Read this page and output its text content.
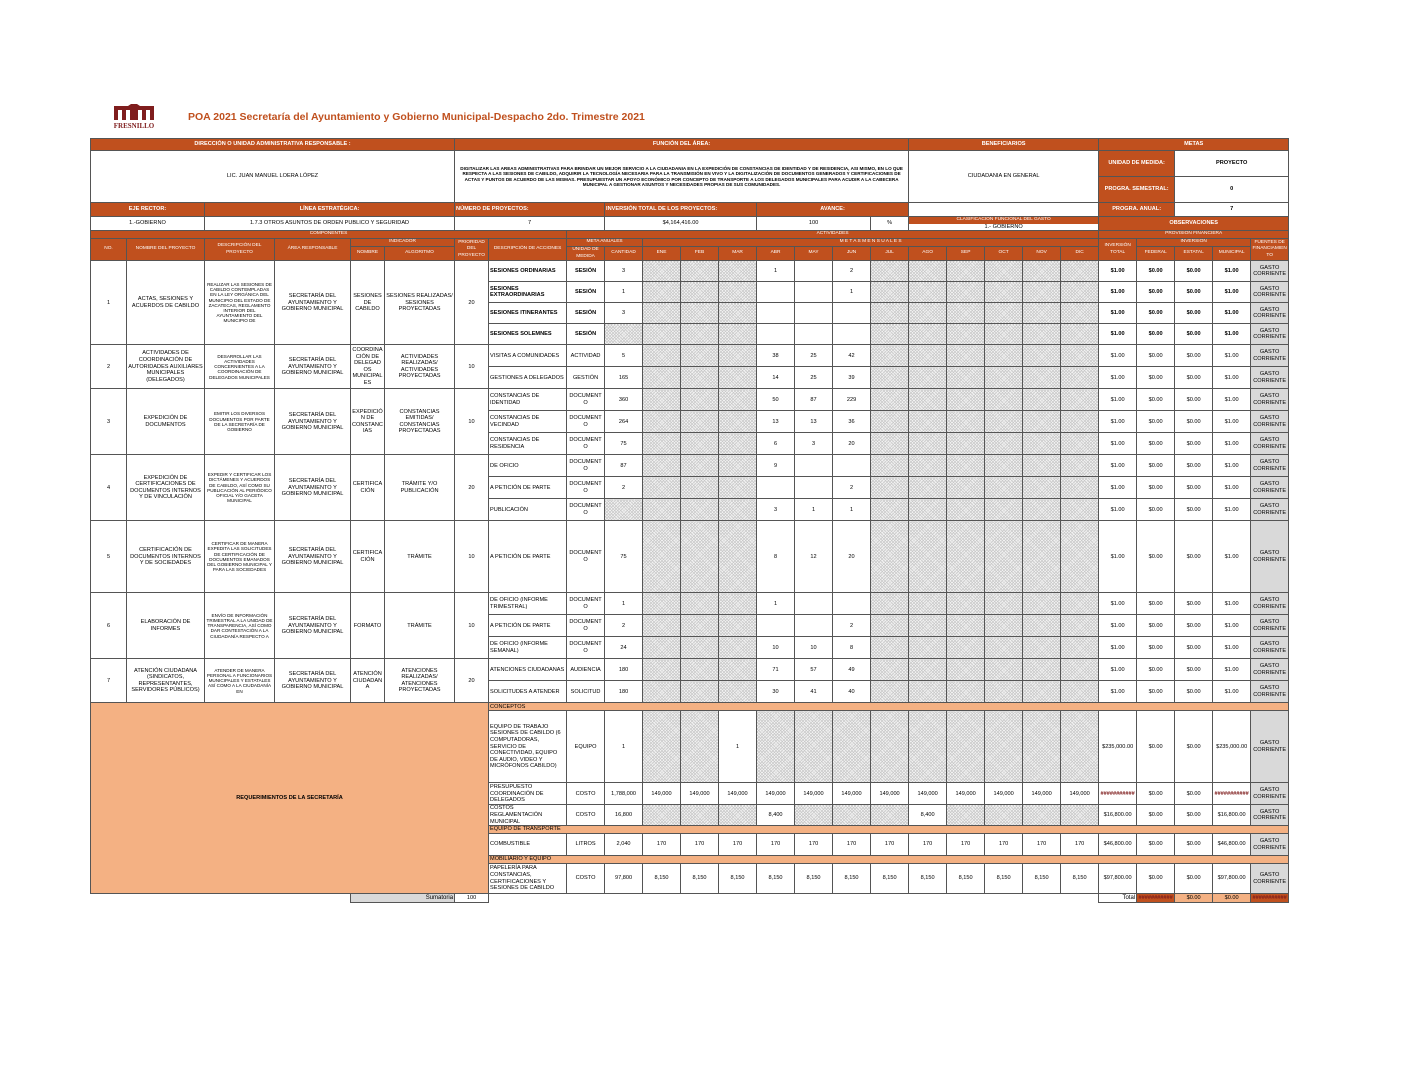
FRESNILLO
POA 2021 Secretaría del Ayuntamiento y Gobierno Municipal-Despacho 2do. Trimestre 2021
DIRECCIÓN O UNIDAD ADMINISTRATIVA RESPONSABLE :						FUNCIÓN DEL ÁREA:											BENEFICIARIOS					METAS					
LIC. JUAN MANUEL LOERA LÓPEZ						DIGITALIZAR LAS AREAS ADMINISTRATIVAS PARA BRINDAR UN MEJOR SERVICIO A LA CIUDADANIA EN LA EXPEDICIÓN DE CONSTANCIAS DE IDENTIDAD Y DE RESIDENCIA, ASI MISMO, EN LO QUE RESPECTA A LAS SESIONES DE CABILDO, ADQUIRIR LA TECNOLOGÍA NECESARIA PARA LA TRANSMISIÓN EN VIVO Y LA DIGITALIZACIÓN DE DOCUMENTOS GENERADOS Y CERTIFICACIONES DE ACTAS Y PUNTOS DE ACUERDO DE LAS MISMAS. PRESUPUESTAR UN APOYO ECONÓMICO POR CONCEPTO DE TRANSPORTE A LOS DELEGADOS MUNICIPALES PARA ACUDIR A LA CABECERA MUNICIPAL A GESTIONAR ASUNTOS Y NECESIDADES PROPIAS DE SUS COMUNIDADES.											CIUDADANIA EN GENERAL					UNIDAD DE MEDIDA:		PROYECTO			
																						PROGRA. SEMESTRAL:		0			
EJE RECTOR:		LÍNEA ESTRATÉGICA:				NÚMERO DE PROYECTOS:			INVERSIÓN TOTAL DE LOS PROYECTOS:				AVANCE:									PROGRA. ANUAL:		7			
1.-GOBIERNO		1.7.3 OTROS ASUNTOS DE ORDEN PUBLICO Y SEGURIDAD				7			$4,164,416.00				100			%	CLASIFICACIÓN FUNCIONAL DEL GASTO
1.- GOBIERNO					OBSERVACIONES					
COMPONENTES								ACTIVIDADES														PROVISIÓN FINANCIERA					
NO.	NOMBRE DEL PROYECTO	DESCRIPCIÓN DEL PROYECTO	ÁREA RESPONSABLE	INDICADOR		PRIORIDAD DEL PROYECTO	DESCRIPCIÓN DE ACCIONES	META ANUALES		M E T A S M E N S U A L E S												INVERSIÓN TOTAL	INVERSIÓN			FUENTES DE FINANCIAMIENTO	
				NOMBRE	ALGORITMO			UNIDAD DE MEDIDA	CANTIDAD	ENE	FEB	MAR	ABR	MAY	JUN	JUL	AGO	SEP	OCT	NOV	DIC		FEDERAL	ESTATAL	MUNICIPAL		
1	ACTAS, SESIONES Y ACUERDOS DE CABILDO	REALIZAR LAS SESIONES DE CABILDO CONTEMPLADAS EN LA LEY ORGÁNICA DEL MUNICIPIO DEL ESTADO DE ZACATECAS, REGLAMENTO INTERIOR DEL AYUNTAMIENTO DEL MUNICIPIO DE	SECRETARÍA DEL AYUNTAMIENTO Y GOBIERNO MUNICIPAL	SESIONES DE CABILDO	SESIONES REALIZADAS/ SESIONES PROYECTADAS	20	SESIONES ORDINARIAS	SESIÓN	3				1		2							$1.00	$0.00	$0.00	$1.00	GASTO CORRIENTE	
							SESIONES EXTRAORDINARIAS	SESIÓN	1						1							$1.00	$0.00	$0.00	$1.00	GASTO CORRIENTE	
							SESIONES ITINERANTES	SESIÓN	3													$1.00	$0.00	$0.00	$1.00	GASTO CORRIENTE	
							SESIONES SOLEMNES	SESIÓN														$1.00	$0.00	$0.00	$1.00	GASTO CORRIENTE	
2	ACTIVIDADES DE COORDINACIÓN DE AUTORIDADES AUXILIARES MUNICIPALES (DELEGADOS)	DESARROLLAR LAS ACTIVIDADES CONCERNIENTES A LA COORDINACIÓN DE DELEGADOS MUNICIPALES	SECRETARÍA DEL AYUNTAMIENTO Y GOBIERNO MUNICIPAL	COORDINACIÓN DE DELEGADOS MUNICIPALES	ACTIVIDADES REALIZADAS/ ACTIVIDADES PROYECTADAS	10	VISITAS A COMUNIDADES	ACTIVIDAD	5				38	25	42							$1.00	$0.00	$0.00	$1.00	GASTO CORRIENTE	
							GESTIONES A DELEGADOS	GESTIÓN	165				14	25	39							$1.00	$0.00	$0.00	$1.00	GASTO CORRIENTE	
3	EXPEDICIÓN DE DOCUMENTOS	EMITIR LOS DIVERSOS DOCUMENTOS POR PARTE DE LA SECRETARÍA DE GOBIERNO	SECRETARÍA DEL AYUNTAMIENTO Y GOBIERNO MUNICIPAL	EXPEDICIÓN DE CONSTANCIAS	CONSTANCIAS EMITIDAS/ CONSTANCIAS PROYECTADAS	10	CONSTANCIAS DE IDENTIDAD	DOCUMENTO	360				50	87	229							$1.00	$0.00	$0.00	$1.00	GASTO CORRIENTE	
							CONSTANCIAS DE VECINDAD	DOCUMENTO	264				13	13	36							$1.00	$0.00	$0.00	$1.00	GASTO CORRIENTE	
							CONSTANCIAS DE RESIDENCIA	DOCUMENTO	75				6	3	20							$1.00	$0.00	$0.00	$1.00	GASTO CORRIENTE	
4	EXPEDICIÓN DE CERTIFICACIONES DE DOCUMENTOS INTERNOS Y DE VINCULACIÓN	EXPEDIR Y CERTIFICAR LOS DICTÁMENES Y ACUERDOS DE CABILDO, ASÍ COMO SU PUBLICACIÓN AL PERIÓDICO OFICIAL Y/O GACETA MUNICIPAL	SECRETARÍA DEL AYUNTAMIENTO Y GOBIERNO MUNICIPAL	CERTIFICACIÓN	TRÁMITE Y/O PUBLICACIÓN	20	DE OFICIO	DOCUMENTO	87				9									$1.00	$0.00	$0.00	$1.00	GASTO CORRIENTE	
							A PETICIÓN DE PARTE	DOCUMENTO	2						2							$1.00	$0.00	$0.00	$1.00	GASTO CORRIENTE	
							PUBLICACIÓN	DOCUMENTO					3	1	1							$1.00	$0.00	$0.00	$1.00	GASTO CORRIENTE	
5	CERTIFICACIÓN DE DOCUMENTOS INTERNOS Y DE SOCIEDADES	CERTIFICAR DE MANERA EXPEDITA LAS SOLICITUDES DE CERTIFICACIÓN DE DOCUMENTOS EMANADOS DEL GOBIERNO MUNICIPAL Y PARA LAS SOCIEDADES	SECRETARÍA DEL AYUNTAMIENTO Y GOBIERNO MUNICIPAL	CERTIFICACIÓN	TRÁMITE	10	A PETICIÓN DE PARTE	DOCUMENTO	75				8	12	20							$1.00	$0.00	$0.00	$1.00	GASTO CORRIENTE	
6	ELABORACIÓN DE INFORMES	ENVÍO DE INFORMACIÓN TRIMESTRAL A LA UNIDAD DE TRANSPARENCIA, ASÍ COMO DAR CONTESTACIÓN A LA CIUDADANÍA RESPECTO A	SECRETARÍA DEL AYUNTAMIENTO Y GOBIERNO MUNICIPAL	FORMATO	TRÁMITE	10	DE OFICIO (INFORME TRIMESTRAL)	DOCUMENTO	1				1									$1.00	$0.00	$0.00	$1.00	GASTO CORRIENTE	
							A PETICIÓN DE PARTE	DOCUMENTO	2						2							$1.00	$0.00	$0.00	$1.00	GASTO CORRIENTE	
							DE OFICIO (INFORME SEMANAL)	DOCUMENTO	24				10	10	8							$1.00	$0.00	$0.00	$1.00	GASTO CORRIENTE	
7	ATENCIÓN CIUDADANA (SINDICATOS, REPRESENTANTES, SERVIDORES PÚBLICOS)	ATENDER DE MANERA PERSONAL A FUNCIONARIOS MUNICIPALES Y ESTATALES ASÍ COMO A LA CIUDADANÍA EN	SECRETARÍA DEL AYUNTAMIENTO Y GOBIERNO MUNICIPAL	ATENCIÓN CIUDADANA	ATENCIONES REALIZADAS/ ATENCIONES PROYECTADAS	20	ATENCIONES CIUDADANAS	AUDIENCIA	180				71	57	49							$1.00	$0.00	$0.00	$1.00	GASTO CORRIENTE	
							SOLICITUDES A ATENDER	SOLICITUD	180				30	41	40							$1.00	$0.00	$0.00	$1.00	GASTO CORRIENTE	
REQUERIMIENTOS DE LA SECRETARÍA							CONCEPTOS																				
							EQUIPO DE TRABAJO SESIONES DE CABILDO (6 COMPUTADORAS, SERVICIO DE CONECTIVIDAD, EQUIPO DE AUDIO, VIDEO Y MICRÓFONOS CABILDO)	EQUIPO	1			1										$235,000.00	$0.00	$0.00	$235,000.00	GASTO CORRIENTE	
							PRESUPUESTO COORDINACIÓN DE DELEGADOS	COSTO	1,788,000	149,000	149,000	149,000	149,000	149,000	149,000	149,000	149,000	149,000	149,000	149,000	149,000	###########	$0.00	$0.00	###########	GASTO CORRIENTE	
							COSTOS REGLAMENTACIÓN MUNICIPAL	COSTO	16,800				8,400				8,400					$16,800.00	$0.00	$0.00	$16,800.00	GASTO CORRIENTE	
							EQUIPO DE TRANSPORTE																				
							COMBUSTIBLE	LITROS	2,040	170	170	170	170	170	170	170	170	170	170	170	170	$46,800.00	$0.00	$0.00	$46,800.00	GASTO CORRIENTE	
							MOBILIARIO Y EQUIPO																				
							PAPELERÍA PARA CONSTANCIAS, CERTIFICACIONES Y SESIONES DE CABILDO	COSTO	97,800	8,150	8,150	8,150	8,150	8,150	8,150	8,150	8,150	8,150	8,150	8,150	8,150	$97,800.00	$0.00	$0.00	$97,800.00	GASTO CORRIENTE	
				Sumatoria		100																Total	###########	$0.00	$0.00	###########	
